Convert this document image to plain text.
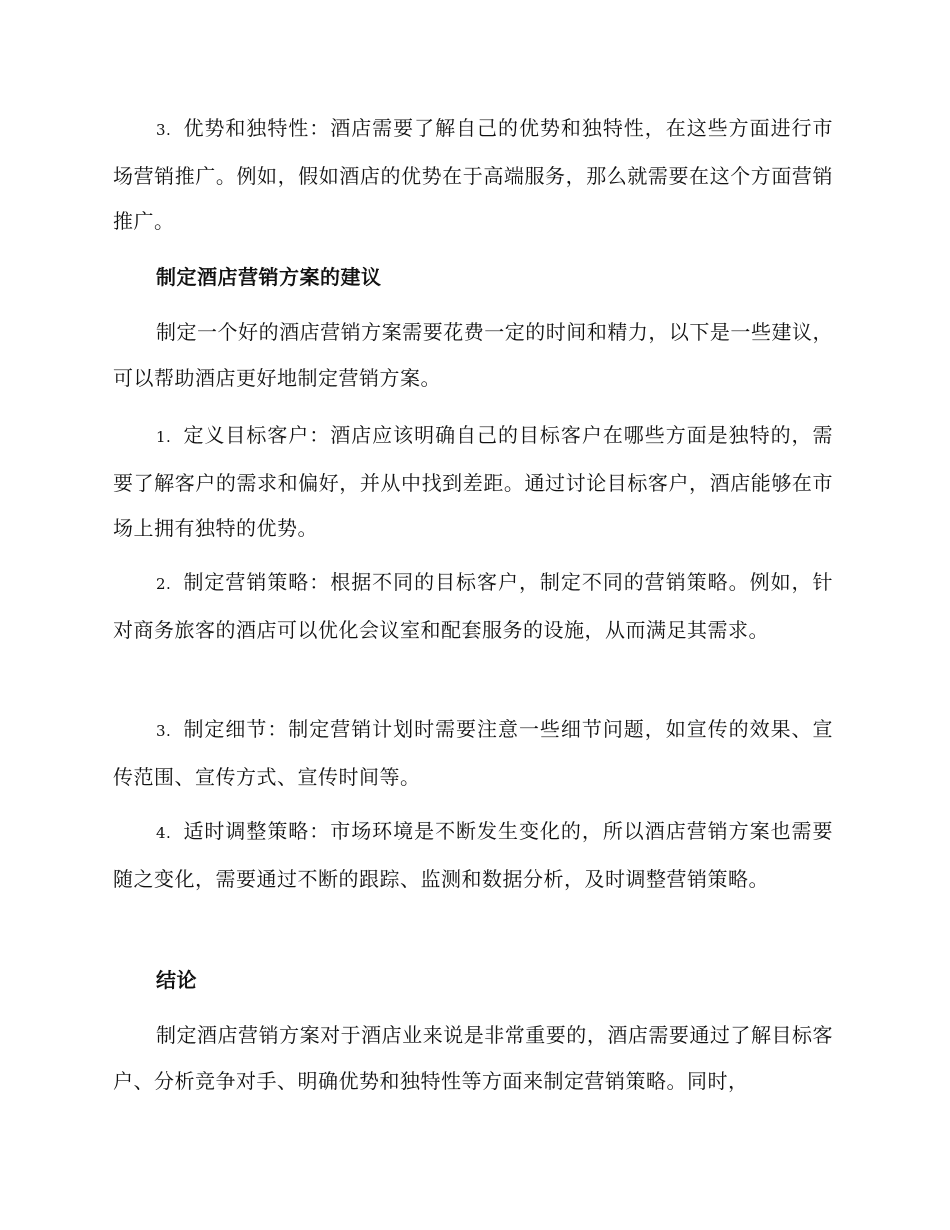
3. 优势和独特性：酒店需要了解自己的优势和独特性，在这些方面进行市场营销推广。例如，假如酒店的优势在于高端服务，那么就需要在这个方面营销推广。

制定酒店营销方案的建议

制定一个好的酒店营销方案需要花费一定的时间和精力，以下是一些建议，可以帮助酒店更好地制定营销方案。

1. 定义目标客户：酒店应该明确自己的目标客户在哪些方面是独特的，需要了解客户的需求和偏好，并从中找到差距。通过讨论目标客户，酒店能够在市场上拥有独特的优势。

2. 制定营销策略：根据不同的目标客户，制定不同的营销策略。例如，针对商务旅客的酒店可以优化会议室和配套服务的设施，从而满足其需求。

3. 制定细节：制定营销计划时需要注意一些细节问题，如宣传的效果、宣传范围、宣传方式、宣传时间等。

4. 适时调整策略：市场环境是不断发生变化的，所以酒店营销方案也需要随之变化，需要通过不断的跟踪、监测和数据分析，及时调整营销策略。

结论

制定酒店营销方案对于酒店业来说是非常重要的，酒店需要通过了解目标客户、分析竞争对手、明确优势和独特性等方面来制定营销策略。同时，
